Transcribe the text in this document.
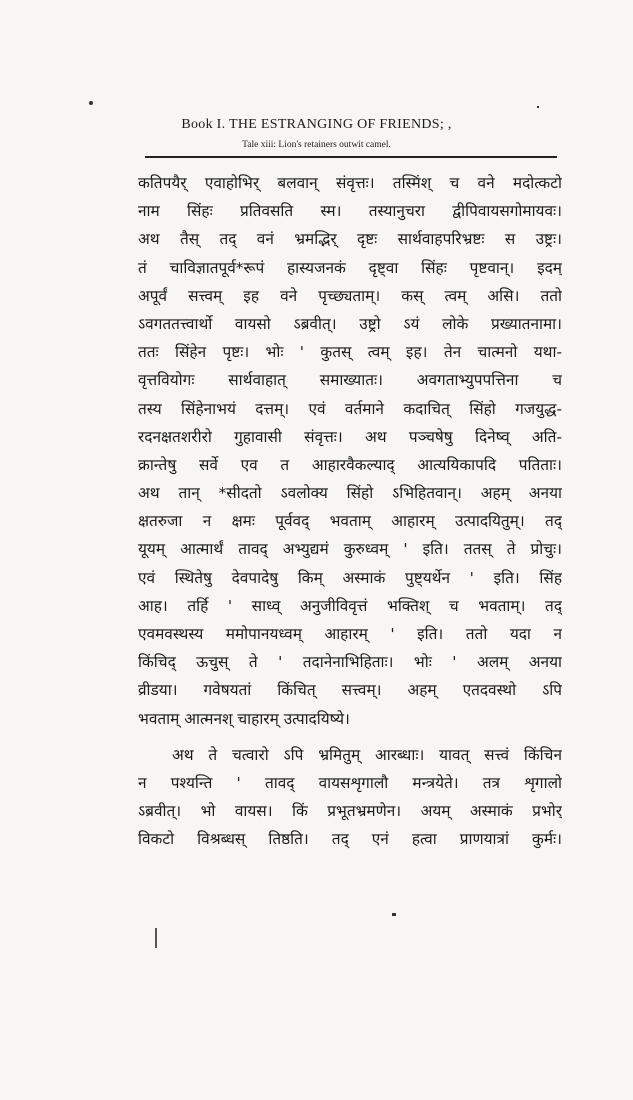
Book I. THE ESTRANGING OF FRIENDS; ,
Tale xiii: Lion's retainers outwit camel.
कतिपयैर् एवाहोभिर् बलवान् संवृत्तः। तस्मिंश् च वने मदोत्कटो
नाम सिंहः प्रतिवसति स्म। तस्यानुचरा द्वीपिवायसगोमायवः।
अथ तैस् तद् वनं भ्रमद्भिर् दृष्टः सार्थवाहपरिभ्रष्टः स उष्ट्रः।
तं चाविज्ञातपूर्व*रूपं हास्यजनकं दृष्ट्वा सिंहः पृष्टवान्। इदम्
अपूर्वं सत्त्वम् इह वने पृच्छ्यताम्। कस् त्वम् असि। ततो
ऽवगततत्त्वार्थो वायसो ऽब्रवीत्। उष्ट्रो ऽयं लोके प्रख्यातनामा।
ततः सिंहेन पृष्टः। भोः ' कुतस् त्वम् इह। तेन चात्मनो यथा-
वृत्तवियोगः सार्थवाहात् समाख्यातः। अवगताभ्युपपत्तिना च
तस्य सिंहेनाभयं दत्तम्। एवं वर्तमाने कदाचित् सिंहो गजयुद्ध-
रदनक्षतशरीरो गुहावासी संवृत्तः। अथ पञ्चषेषु दिनेष्व् अति-
क्रान्तेषु सर्वे एव त आहारवैकल्याद् आत्ययिकापदि पतिताः।
अथ तान् *सीदतो ऽवलोक्य सिंहो ऽभिहितवान्। अहम् अनया
क्षतरुजा न क्षमः पूर्ववद् भवताम् आहारम् उत्पादयितुम्। तद्
यूयम् आत्मार्थं तावद् अभ्युद्यमं कुरुध्वम् ' इति। ततस् ते प्रोचुः।
एवं स्थितेषु देवपादेषु किम् अस्माकं पुष्ट्यर्थेन ' इति। सिंह
आह। तर्हि ' साध्व् अनुजीविवृत्तं भक्तिश् च भवताम्। तद्
एवमवस्थस्य ममोपानयध्वम् आहारम् ' इति। ततो यदा न
किंचिद् ऊचुस् ते ' तदानेनाभिहिताः। भोः ' अलम् अनया
व्रीडया। गवेषयतां किंचित् सत्त्वम्। अहम् एतदवस्थो ऽपि
भवताम् आत्मनश् चाहारम् उत्पादयिष्ये।
अथ ते चत्वारो ऽपि भ्रमितुम् आरब्धाः। यावत् सत्त्वं किंचिन
न पश्यन्ति ' तावद् वायसशृगालौ मन्त्रयेते। तत्र शृगालो
ऽब्रवीत्। भो वायस। किं प्रभूतभ्रमणेन। अयम् अस्माकं प्रभोर्
विकटो विश्रब्धस् तिष्ठति। तद् एनं हत्वा प्राणयात्रां कुर्मः।
